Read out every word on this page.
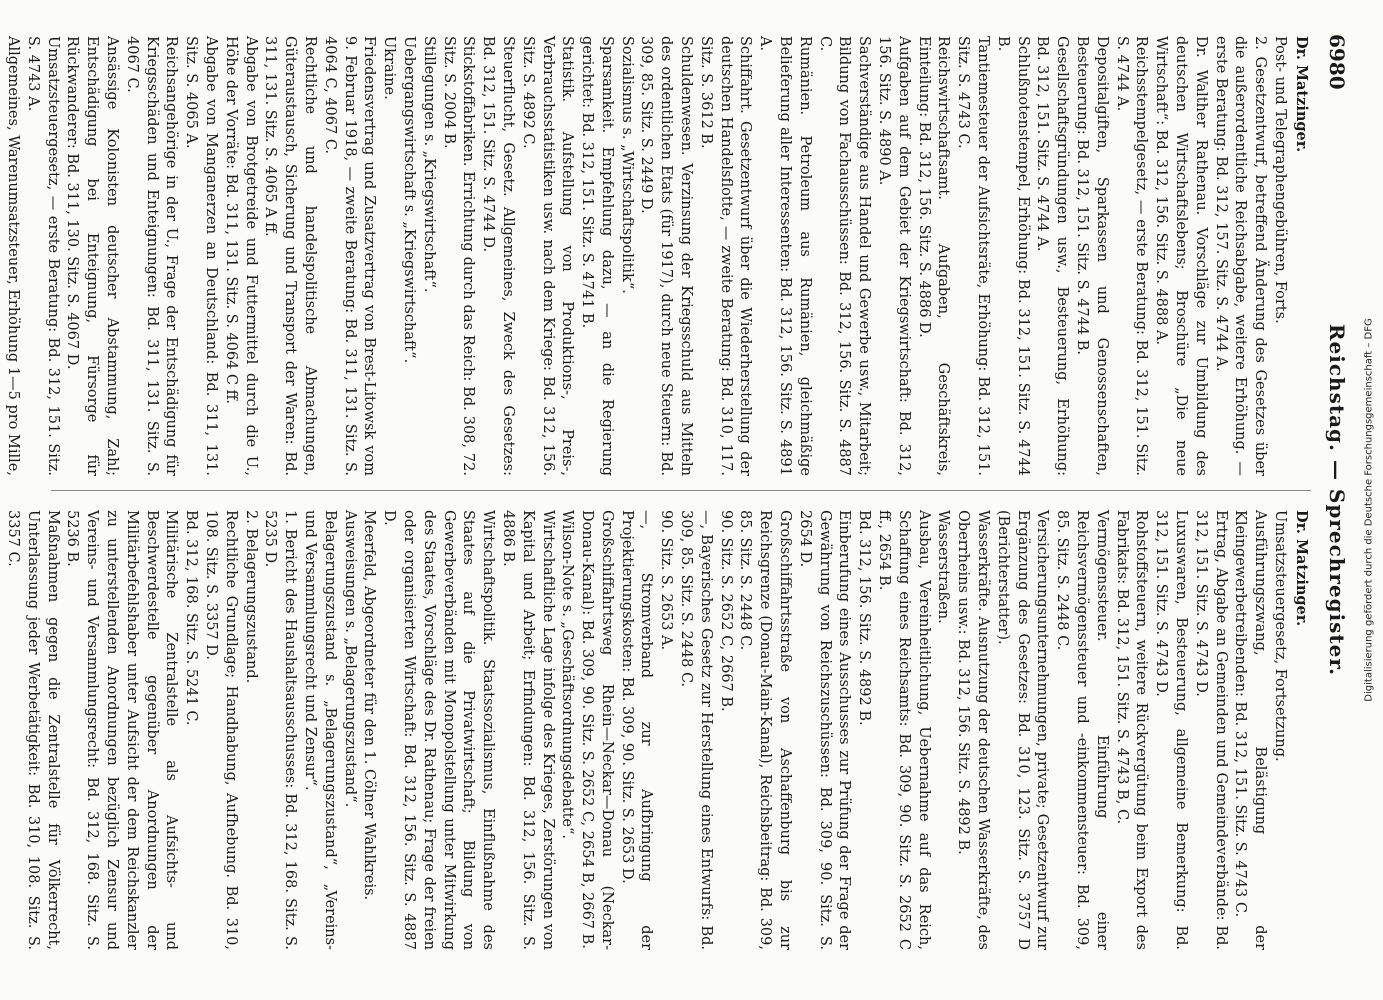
6980
Reichstag. — Sprechregister.
Dr. Matzinger.
Post- und Telegraphengebühren, Forts.
2. Gesetzentwurf, betreffend Änderung des Gesetzes über die außerordentliche Reichsabgabe, weitere Erhöhung. — erste Beratung: Bd. 312, 157. Sitz. S. 4744 A.
Dr. Walther Rathenau. Vorschläge zur Umbildung des deutschen Wirtschaftslebens; Broschüre „Die neue Wirtschaft“: Bd. 312, 156. Sitz. S. 4888 A.
Reichsstempelgesetz, — erste Beratung: Bd. 312, 151. Sitz. S. 4744 A.
Depositalgiften, Sparkassen und Genossenschaften, Besteuerung: Bd. 312, 151. Sitz. S. 4744 B.
Gesellschaftsgründungen usw., Besteuerung, Erhöhung: Bd. 312, 151. Sitz. S. 4744 A.
Schlußnotenstempel, Erhöhung: Bd. 312, 151. Sitz. S. 4744 B.
Tantiemesteuer der Aufsichtsräte, Erhöhung: Bd. 312, 151. Sitz. S. 4743 C.
Reichswirtschaftsamt. Aufgaben, Geschäftskreis, Einteilung: Bd. 312, 156. Sitz. S. 4886 D.
Aufgaben auf dem Gebiet der Kriegswirtschaft: Bd. 312, 156. Sitz. S. 4890 A.
Sachverständige aus Handel und Gewerbe usw., Mitarbeit; Bildung von Fachausschüssen: Bd. 312, 156. Sitz. S. 4887 C.
Rumänien. Petroleum aus Rumänien, gleichmäßige Belieferung aller Interessenten: Bd. 312, 156. Sitz. S. 4891 A.
Schiffahrt. Gesetzentwurf über die Wiederherstellung der deutschen Handelsflotte, — zweite Beratung: Bd. 310, 117. Sitz. S. 3612 B.
Schuldenwesen. Verzinsung der Kriegsschuld aus Mitteln des ordentlichen Etats (für 1917), durch neue Steuern: Bd. 309, 85. Sitz. S. 2449 D.
Sozialismus s. „Wirtschaftspolitik“.
Sparsamkeit. Empfehlung dazu, — an die Regierung gerichtet: Bd. 312, 151. Sitz. S. 4741 B.
Statistik. Aufstellung von Produktions-, Preis-, Verbrauchsstatistiken usw. nach dem Kriege: Bd. 312, 156. Sitz. S. 4892 C.
Steuerflucht, Gesetz. Allgemeines, Zweck des Gesetzes: Bd. 312, 151. Sitz. S. 4744 D.
Stickstoffabriken. Errichtung durch das Reich: Bd. 308, 72. Sitz. S. 2004 B.
Stillegungen s. „Kriegswirtschaft“.
Uebergangswirtschaft s. „Kriegswirtschaft“.
Ukraine.
Friedensvertrag und Zusatzvertrag von Brest-Litowsk vom 9. Februar 1918, — zweite Beratung: Bd. 311, 131. Sitz. S. 4064 C, 4067 C.
Rechtliche und handelspolitische Abmachungen, Güteraustausch, Sicherung und Transport der Waren: Bd. 311, 131. Sitz. S. 4065 A ff.
Abgabe von Brotgetreide und Futtermittel durch die U., Höhe der Vorräte: Bd. 311, 131. Sitz. S. 4064 C ff.
Abgabe von Manganerzen an Deutschland: Bd. 311, 131. Sitz. S. 4065 A.
Reichsangehörige in der U., Frage der Entschädigung für Kriegsschäden und Enteignungen: Bd. 311, 131. Sitz. S. 4067 C.
Ansässige Kolonisten deutscher Abstammung, Zahl; Entschädigung bei Enteignung, Fürsorge für Rückwanderer: Bd. 311, 130. Sitz. S. 4067 D.
Umsatzsteuergesetz, — erste Beratung: Bd. 312, 151. Sitz. S. 4743 A.
Allgemeines, Warenumsatzsteuer, Erhöhung 1—5 pro Mille,
Dr. Matzinger.
Umsatzsteuergesetz, Fortsetzung.
Ausführungszwang, Belästigung der Kleingewerbetreibenden: Bd. 312, 151. Sitz. S. 4743 C.
Ertrag, Abgabe an Gemeinden und Gemeindeverbände: Bd. 312, 151. Sitz. S. 4743 D.
Luxuswaren, Besteuerung, allgemeine Bemerkung: Bd. 312, 151. Sitz. S. 4743 D.
Rohstoffsteuern, weitere Rückvergütung beim Export des Fabrikats: Bd. 312, 151. Sitz. S. 4743 B, C.
Vermögenssteuer. Einführung einer Reichsvermögenssteuer und -einkommensteuer: Bd. 309, 85. Sitz. S. 2448 C.
Versicherungsunternehmungen, private; Gesetzentwurf zur Ergänzung des Gesetzes: Bd. 310, 123. Sitz. S. 3757 D (Berichterstatter).
Wasserkräfte. Ausnutzung der deutschen Wasserkräfte, des Oberrheins usw.: Bd. 312, 156. Sitz. S. 4892 B.
Wasserstraßen.
Ausbau, Vereinheitlichung, Uebernahme auf das Reich, Schaffung eines Reichsamts: Bd. 309, 90. Sitz. S. 2652 C ff., 2654 B.
Bd. 312, 156. Sitz. S. 4892 B.
Einberufung eines Ausschusses zur Prüfung der Frage der Gewährung von Reichszuschüssen: Bd. 309, 90. Sitz. S. 2654 D.
Großschiffahrtsstraße von Aschaffenburg bis zur Reichsgrenze (Donau-Main-Kanal), Reichsbeitrag: Bd. 309, 85. Sitz. S. 2448 C.
90. Sitz. S. 2652 C, 2667 B.
—, Bayerisches Gesetz zur Herstellung eines Entwurfs: Bd. 309, 85. Sitz. S. 2448 C.
90. Sitz. S. 2653 A.
—, Stromverband zur Aufbringung der Projektierungskosten: Bd. 309, 90. Sitz. S. 2653 D.
Großschiffahrtsweg Rhein—Neckar—Donau (Neckar-Donau-Kanal): Bd. 309, 90. Sitz. S. 2652 C, 2654 B, 2667 B.
Wilson-Note s. „Geschäftsordnungsdebatte“.
Wirtschaftliche Lage infolge des Krieges, Zerstörungen von Kapital und Arbeit; Erfindungen: Bd. 312, 156. Sitz. S. 4886 B.
Wirtschaftspolitik. Staatssozialismus, Einflußnahme des Staates auf die Privatwirtschaft; Bildung von Gewerbeverbänden mit Monopolstellung unter Mitwirkung des Staates, Vorschläge des Dr. Rathenau; Frage der freien oder organisierten Wirtschaft: Bd. 312, 156. Sitz. S. 4887 D.
Meerfeld, Abgeordneter für den 1. Cölner Wahlkreis.
Ausweisungen s. „Belagerungszustand“.
Belagerungszustand s. „Belagerungszustand“, „Vereins- und Versammlungsrecht und Zensur“.
1. Bericht des Haushaltsausschusses: Bd. 312, 168. Sitz. S. 5235 D.
2. Belagerungszustand.
Rechtliche Grundlage; Handhabung, Aufhebung. Bd. 310, 108. Sitz. S. 3357 D.
Bd. 312, 168. Sitz. S. 5241 C.
Militärische Zentralstelle als Aufsichts- und Beschwerdestelle gegenüber Anordnungen der Militärbefehlshaber unter Aufsicht der dem Reichskanzler zu unterstellenden Anordnungen bezüglich Zensur und Vereins- und Versammlungsrecht: Bd. 312, 168. Sitz. S. 5236 B.
Maßnahmen gegen die Zentralstelle für Völkerrecht, Unterlassung jeder Werbetätigkeit: Bd. 310, 108. Sitz. S. 3357 C.	Digitalisierung gefördert durch die Deutsche Forschungsgemeinschaft – DFG
